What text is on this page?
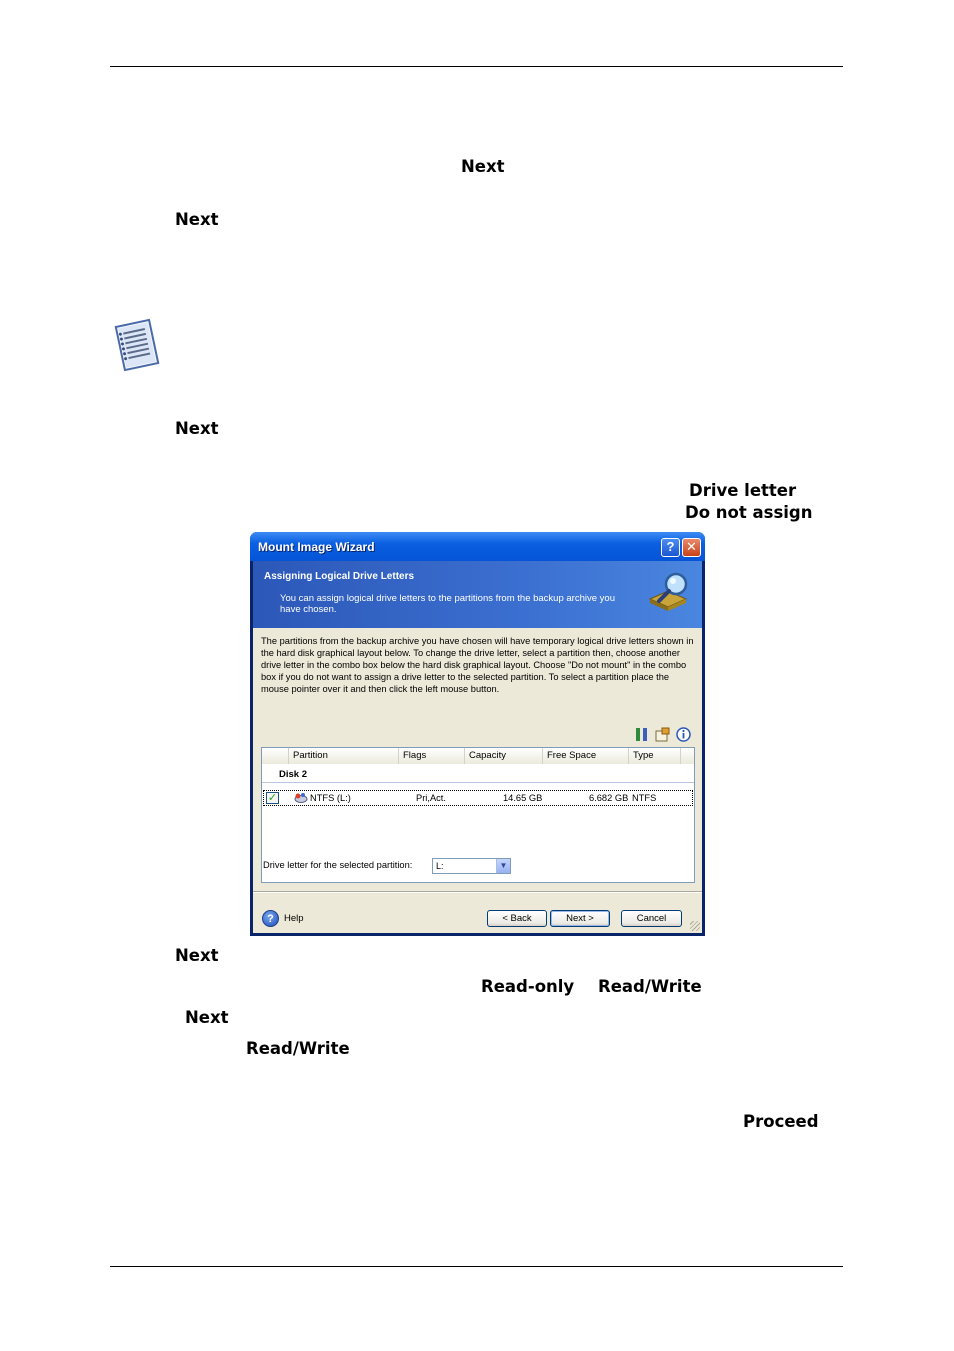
Next
Next
Next
Drive letter
Do not assign
Mount Image Wizard	? ✕
Assigning Logical Drive Letters
You can assign logical drive letters to the partitions from the backup archive you have chosen.
The partitions from the backup archive you have chosen will have temporary logical drive letters shown in the hard disk graphical layout below. To change the drive letter, select a partition then, choose another drive letter in the combo box below the hard disk graphical layout. Choose "Do not mount" in the combo box if you do not want to assign a drive letter to the selected partition. To select a partition place the mouse pointer over it and then click the left mouse button.
Partition	Flags	Capacity	Free Space	Type
Disk 2
✓	NTFS (L:)	Pri,Act.	14.65 GB	6.682 GB NTFS
Drive letter for the selected partition:	L:	▼
?	Help	< Back	Next >	Cancel
Next
Read-only Read/Write
Next
Read/Write
Proceed
